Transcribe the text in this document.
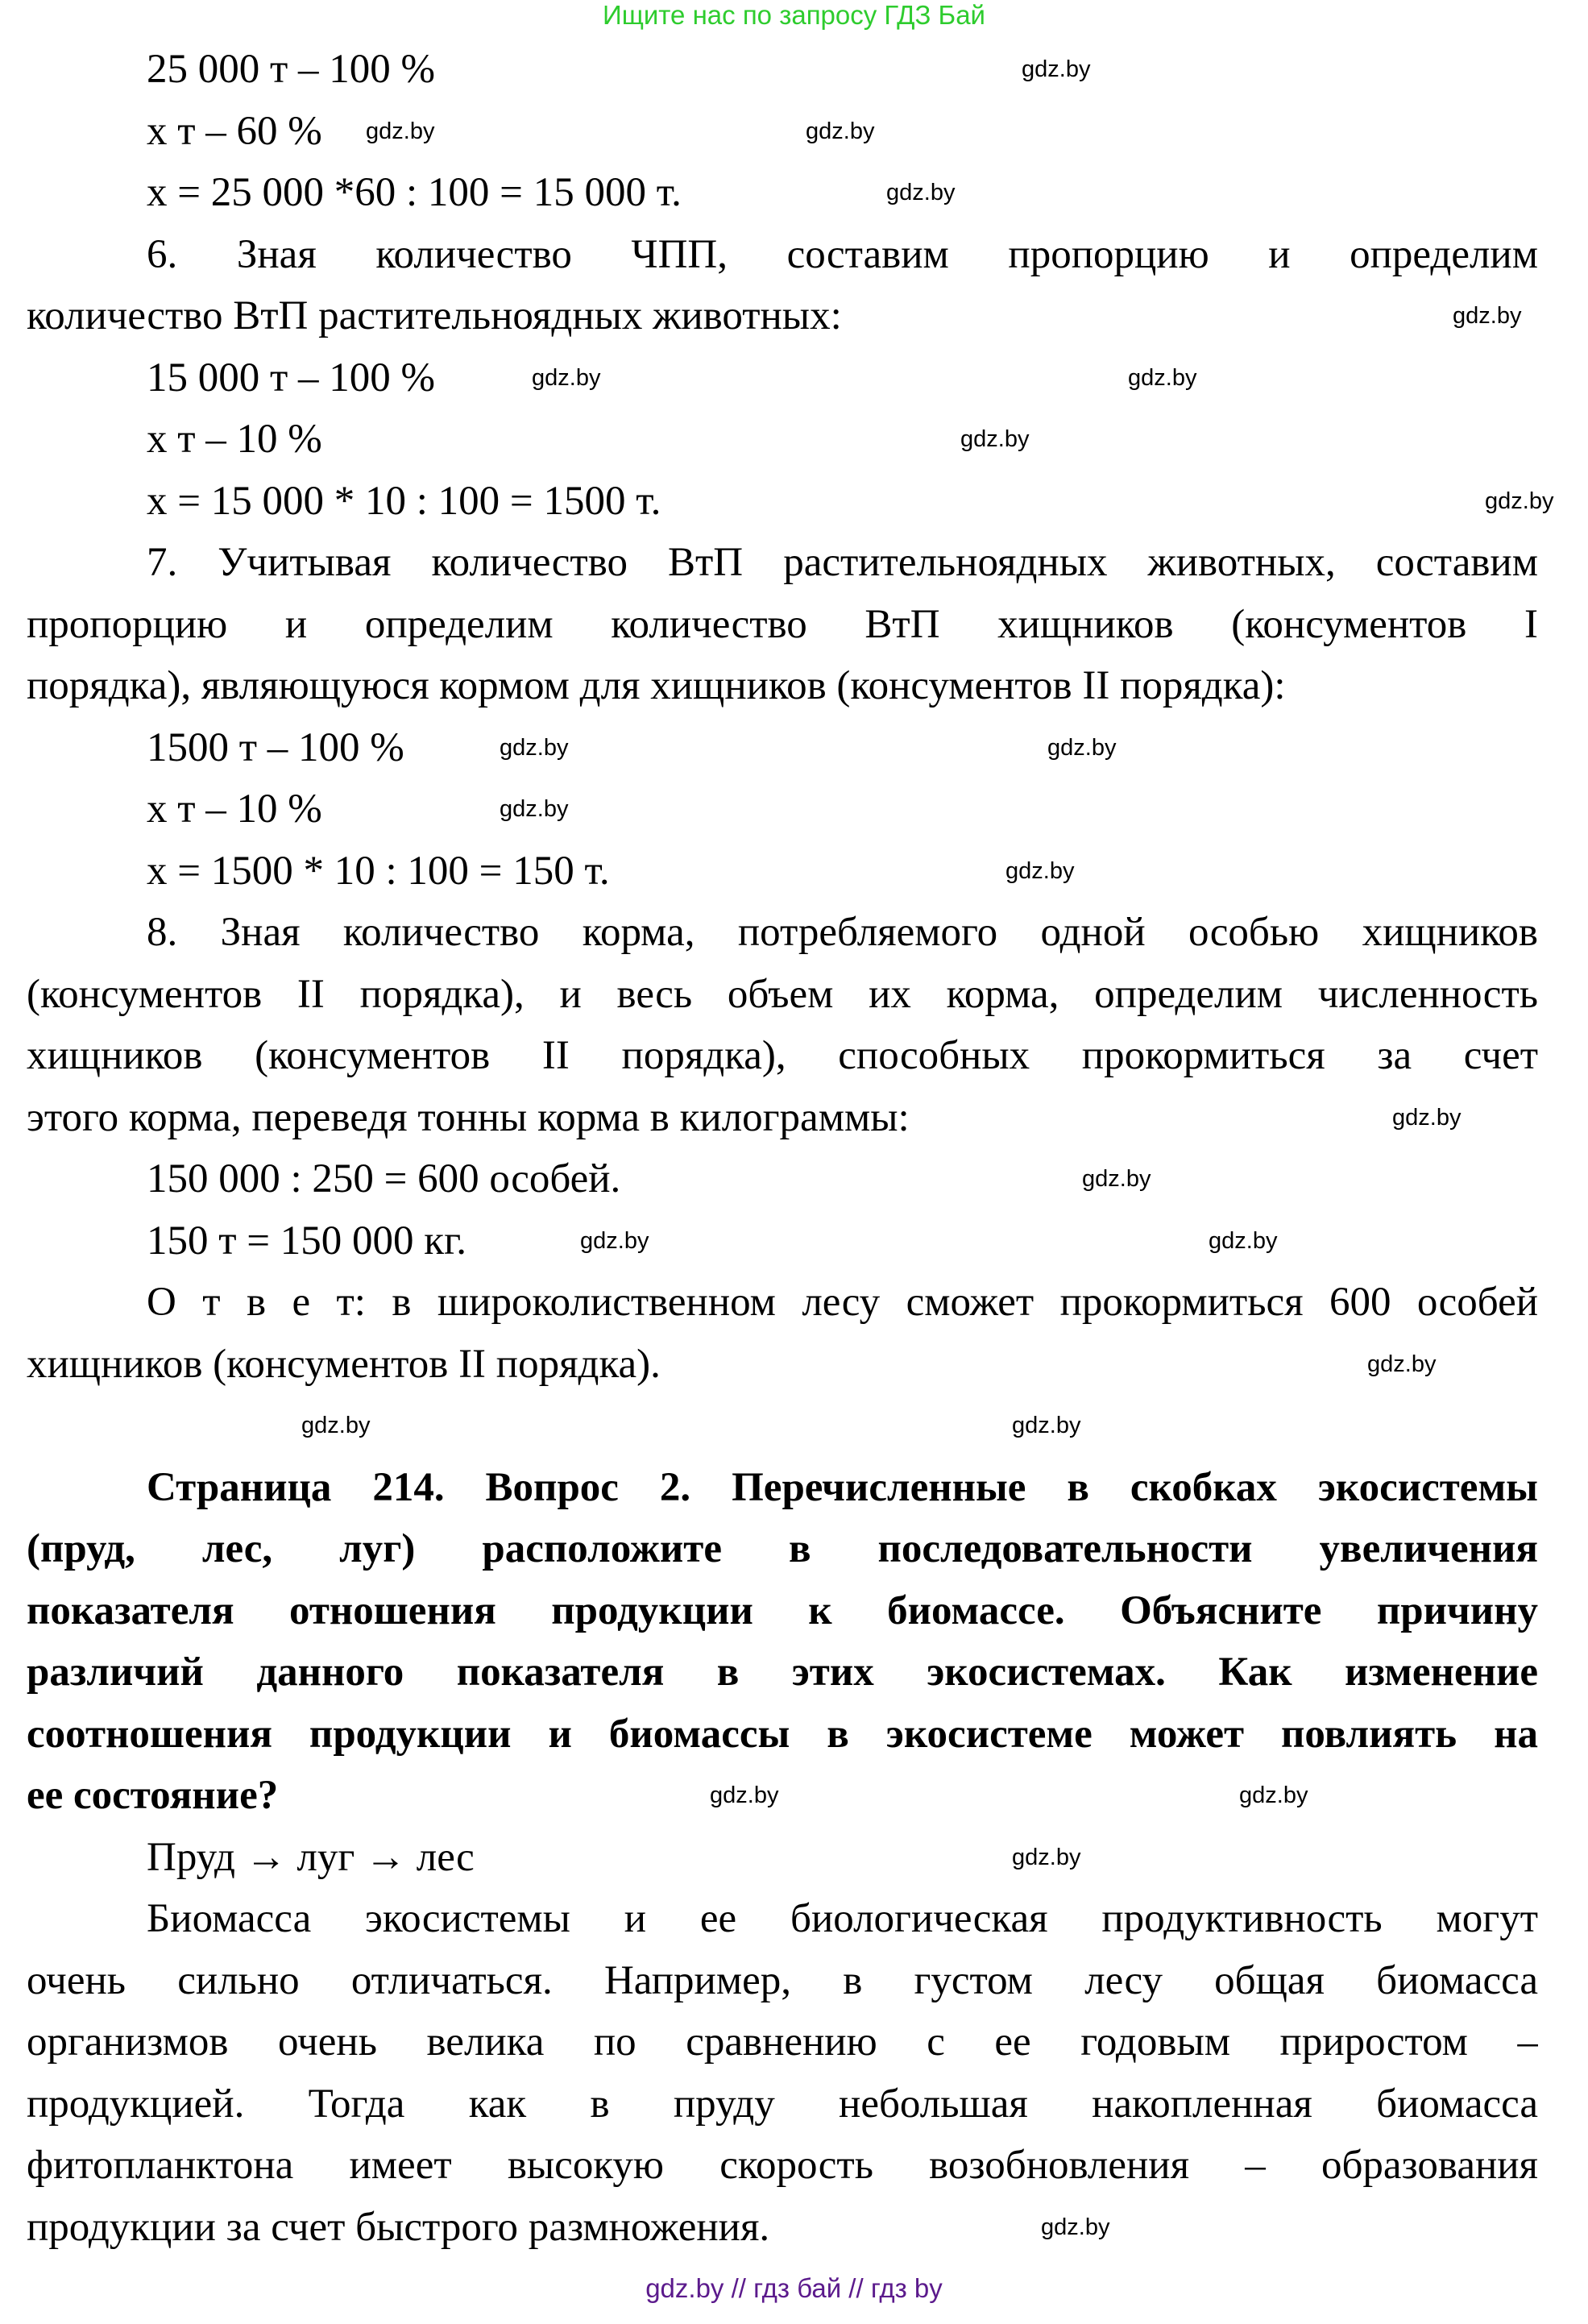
Ищите нас по запросу ГДЗ Бай
25 000 т – 100 %
х т – 60 %
х = 25 000 *60 : 100 = 15 000 т.
6. Зная количество ЧПП, составим пропорцию и определим
количество ВтП растительноядных животных:
15 000 т – 100 %
х т – 10 %
х = 15 000 * 10 : 100 = 1500 т.
7. Учитывая количество ВтП растительноядных животных, составим
пропорцию и определим количество ВтП хищников (консументов I
порядка), являющуюся кормом для хищников (консументов II порядка):
1500 т – 100 %
х т – 10 %
х = 1500 * 10 : 100 = 150 т.
8. Зная количество корма, потребляемого одной особью хищников
(консументов II порядка), и весь объем их корма, определим численность
хищников (консументов II порядка), способных прокормиться за счет
этого корма, переведя тонны корма в килограммы:
150 000 : 250 = 600 особей.
150 т = 150 000 кг.
О т в е т: в широколиственном лесу сможет прокормиться 600 особей
хищников (консументов II порядка).
Страница 214. Вопрос 2. Перечисленные в скобках экосистемы
(пруд, лес, луг) расположите в последовательности увеличения
показателя отношения продукции к биомассе. Объясните причину
различий данного показателя в этих экосистемах. Как изменение
соотношения продукции и биомассы в экосистеме может повлиять на
ее состояние?
Пруд → луг → лес
Биомасса экосистемы и ее биологическая продуктивность могут
очень сильно отличаться. Например, в густом лесу общая биомасса
организмов очень велика по сравнению с ее годовым приростом –
продукцией. Тогда как в пруду небольшая накопленная биомасса
фитопланктона имеет высокую скорость возобновления – образования
продукции за счет быстрого размножения.
gdz.by
gdz.by	gdz.by
gdz.by
gdz.by
gdz.by	gdz.by
gdz.by
gdz.by
gdz.by	gdz.by
gdz.by
gdz.by
gdz.by
gdz.by
gdz.by	gdz.by
gdz.by
gdz.by	gdz.by
gdz.by	gdz.by
gdz.by
gdz.by
gdz.by // гдз бай // гдз by
